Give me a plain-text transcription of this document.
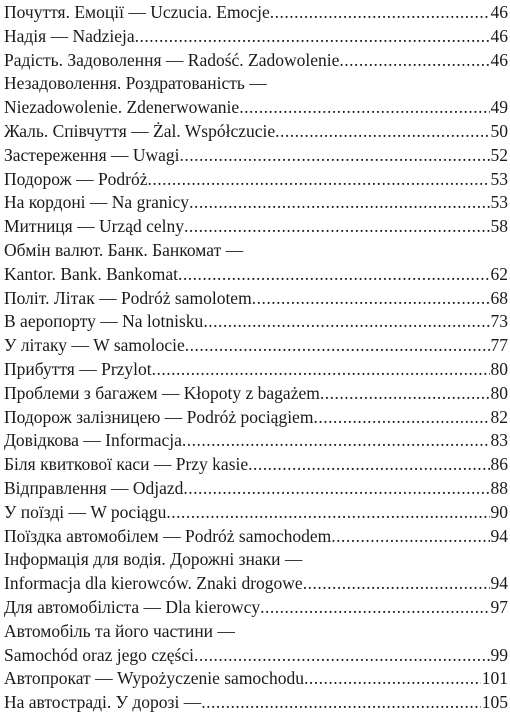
Почуття. Емоції — Uczucia. Emocje .....	46
Надія — Nadzieja .....	46
Радість. Задоволення — Radość. Zadowolenie .....	46
Незадоволення. Роздратованість —
Niezadowolenie. Zdenerwowanie .....	49
Жаль. Співчуття — Żal. Współczucie .....	50
Застереження — Uwagi .....	52
Подорож — Podróż .....	53
На кордоні — Na granicy .....	53
Митниця — Urząd celny .....	58
Обмін валют. Банк. Банкомат —
Kantor. Bank. Bankomat .....	62
Політ. Літак — Podróż samolotem .....	68
В аеропорту — Na lotnisku .....	73
У літаку — W samolocie .....	77
Прибуття — Przylot .....	80
Проблеми з багажем — Kłopoty z bagażem .....	80
Подорож залізницею — Podróż pociągiem .....	82
Довідкова — Informacja .....	83
Біля квиткової каси — Przy kasie .....	86
Відправлення — Odjazd .....	88
У поїзді — W pociągu .....	90
Поїздка автомобілем — Podróż samochodem .....	94
Інформація для водія. Дорожні знаки —
Informacja dla kierowców. Znaki drogowe .....	94
Для автомобіліста — Dla kierowcy .....	97
Автомобіль та його частини —
Samochód oraz jego części .....	99
Автопрокат — Wypożyczenie samochodu .....	101
На автостраді. У дорозі — .....	105
